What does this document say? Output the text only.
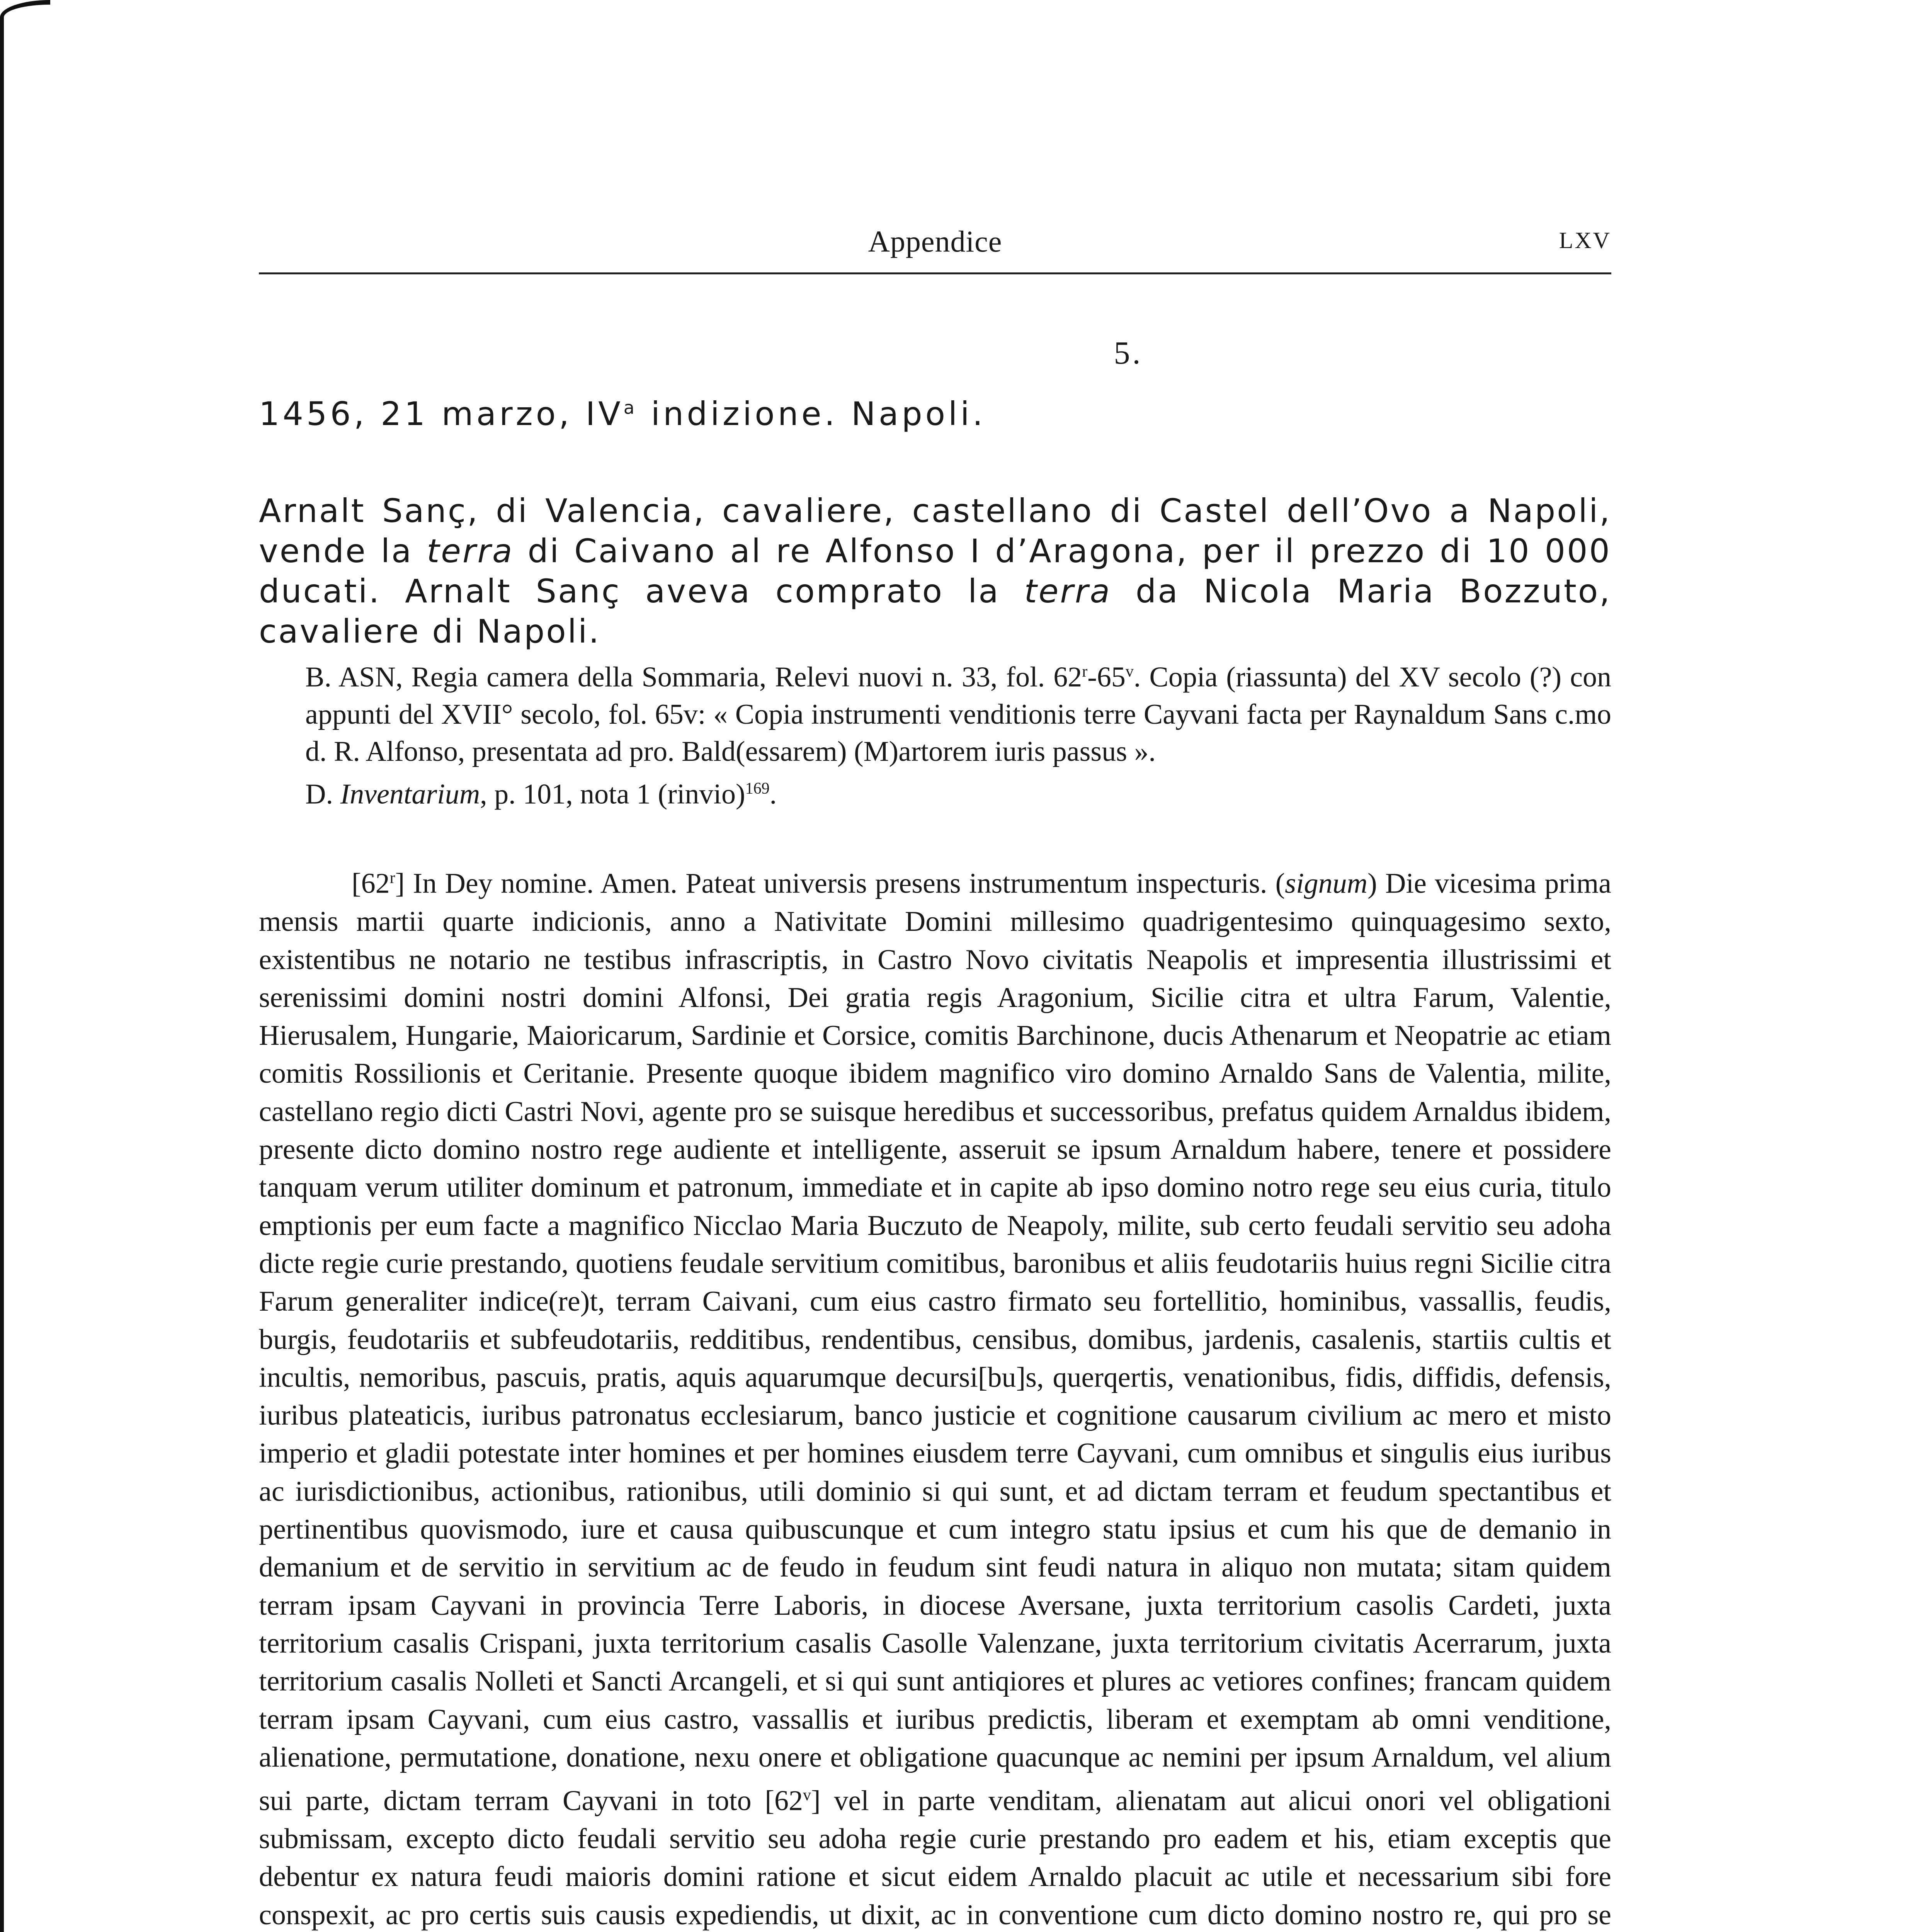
Appendice	LXV
5.
1456, 21 marzo, $IV^a$ indizione. Napoli.

Arnalt Sanç, di Valencia, cavaliere, castellano di Castel dell’Ovo a Napoli, vende la terra di Caivano al re Alfonso I d’Aragona, per il prezzo di 10 000 ducati. Arnalt Sanç aveva comprato la terra da Nicola Maria Bozzuto, cavaliere di Napoli.

B. ASN, Regia camera della Sommaria, Relevi nuovi n. 33, fol. 62$^r$-65$^v$. Copia (riassunta) del XV secolo (?) con appunti del XVII° secolo, fol. 65v: « Copia instrumenti venditionis terre Cayvani facta per Raynaldum Sans c.mo d. R. Alfonso, presentata ad pro. Bald(essarem) (M)artorem iuris passus ».

D. Inventarium, p. 101, nota 1 (rinvio)$^{169}$.

[62$^r$] In Dey nomine. Amen. Pateat universis presens instrumentum inspecturis. (signum) Die vicesima prima mensis martii quarte indicionis, anno a Nativitate Domini millesimo quadrigentesimo quinquagesimo sexto, existentibus ne notario ne testibus infrascriptis, in Castro Novo civitatis Neapolis et impresentia illustrissimi et serenissimi domini nostri domini Alfonsi, Dei gratia regis Aragonium, Sicilie citra et ultra Farum, Valentie, Hierusalem, Hungarie, Maioricarum, Sardinie et Corsice, comitis Barchinone, ducis Athenarum et Neopatrie ac etiam comitis Rossilionis et Ceritanie. Presente quoque ibidem magnifico viro domino Arnaldo Sans de Valentia, milite, castellano regio dicti Castri Novi, agente pro se suisque heredibus et successoribus, prefatus quidem Arnaldus ibidem, presente dicto domino nostro rege audiente et intelligente, asseruit se ipsum Arnaldum habere, tenere et possidere tanquam verum utiliter dominum et patronum, immediate et in capite ab ipso domino notro rege seu eius curia, titulo emptionis per eum facte a magnifico Nicclao Maria Buczuto de Neapoly, milite, sub certo feudali servitio seu adoha dicte regie curie prestando, quotiens feudale servitium comitibus, baronibus et aliis feudotariis huius regni Sicilie citra Farum generaliter indice(re)t, terram Caivani, cum eius castro firmato seu fortellitio, hominibus, vassallis, feudis, burgis, feudotariis et subfeudotariis, redditibus, rendentibus, censibus, domibus, jardenis, casalenis, startiis cultis et incultis, nemoribus, pascuis, pratis, aquis aquarumque decursi[bu]s, querqertis, venationibus, fidis, diffidis, defensis, iuribus plateaticis, iuribus patronatus ecclesiarum, banco justicie et cognitione causarum civilium ac mero et misto imperio et gladii potestate inter homines et per homines eiusdem terre Cayvani, cum omnibus et singulis eius iuribus ac iurisdictionibus, actionibus, rationibus, utili dominio si qui sunt, et ad dictam terram et feudum spectantibus et pertinentibus quovismodo, iure et causa quibuscunque et cum integro statu ipsius et cum his que de demanio in demanium et de servitio in servitium ac de feudo in feudum sint feudi natura in aliquo non mutata; sitam quidem terram ipsam Cayvani in provincia Terre Laboris, in diocese Aversane, juxta territorium casolis Cardeti, juxta territorium casalis Crispani, juxta territorium casalis Casolle Valenzane, juxta territorium civitatis Acerrarum, juxta territorium casalis Nolleti et Sancti Arcangeli, et si qui sunt antiqiores et plures ac vetiores confines; francam quidem terram ipsam Cayvani, cum eius castro, vassallis et iuribus predictis, liberam et exemptam ab omni venditione, alienatione, permutatione, donatione, nexu onere et obligatione quacunque ac nemini per ipsum Arnaldum, vel alium sui parte, dictam terram Cayvani in toto [62$^v$] vel in parte venditam, alienatam aut alicui onori vel obligationi submissam, excepto dicto feudali servitio seu adoha regie curie prestando pro eadem et his, etiam exceptis que debentur ex natura feudi maioris domini ratione et sicut eidem Arnaldo placuit ac utile et necessarium sibi fore conspexit, ac pro certis suis causis expediendis, ut dixit, ac in conventione cum dicto domino nostro re, qui pro se
